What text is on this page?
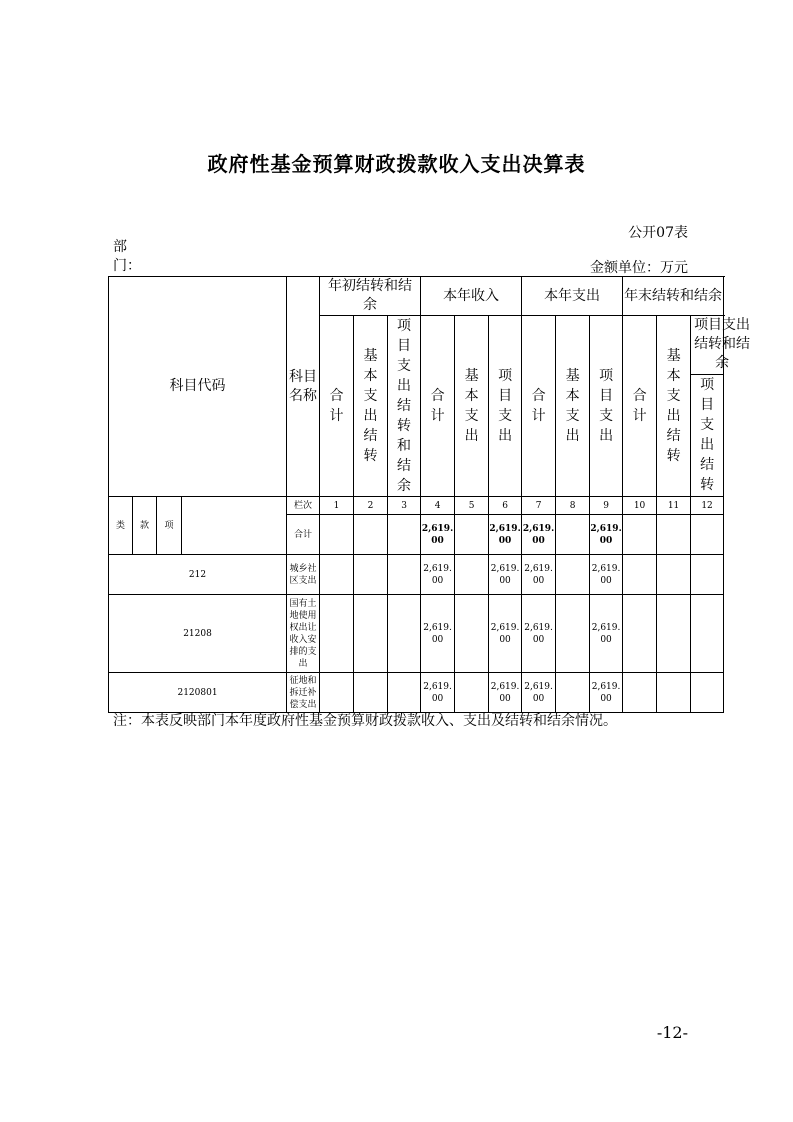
政府性基金预算财政拨款收入支出决算表
公开07表
部门：	金额单位：万元
科目代码				科目名称	年初结转和结余			本年收入			本年支出			年末结转和结余			
					合计	基本支出结转	项目支出结转和结余	合计	基本支出	项目支出	合计	基本支出	项目支出	合计	基本支出结转	项目支出结转和结余	
																项目支出结转	
类	款	项		栏次	1	2	3	4	5	6	7	8	9	10	11	12	
				合计				2,619.00		2,619.00	2,619.00		2,619.00				
212				城乡社区支出				2,619.00		2,619.00	2,619.00		2,619.00				
21208				国有土地使用权出让收入安排的支出				2,619.00		2,619.00	2,619.00		2,619.00				
2120801				征地和拆迁补偿支出				2,619.00		2,619.00	2,619.00		2,619.00				
注：本表反映部门本年度政府性基金预算财政拨款收入、支出及结转和结余情况。
-12-
